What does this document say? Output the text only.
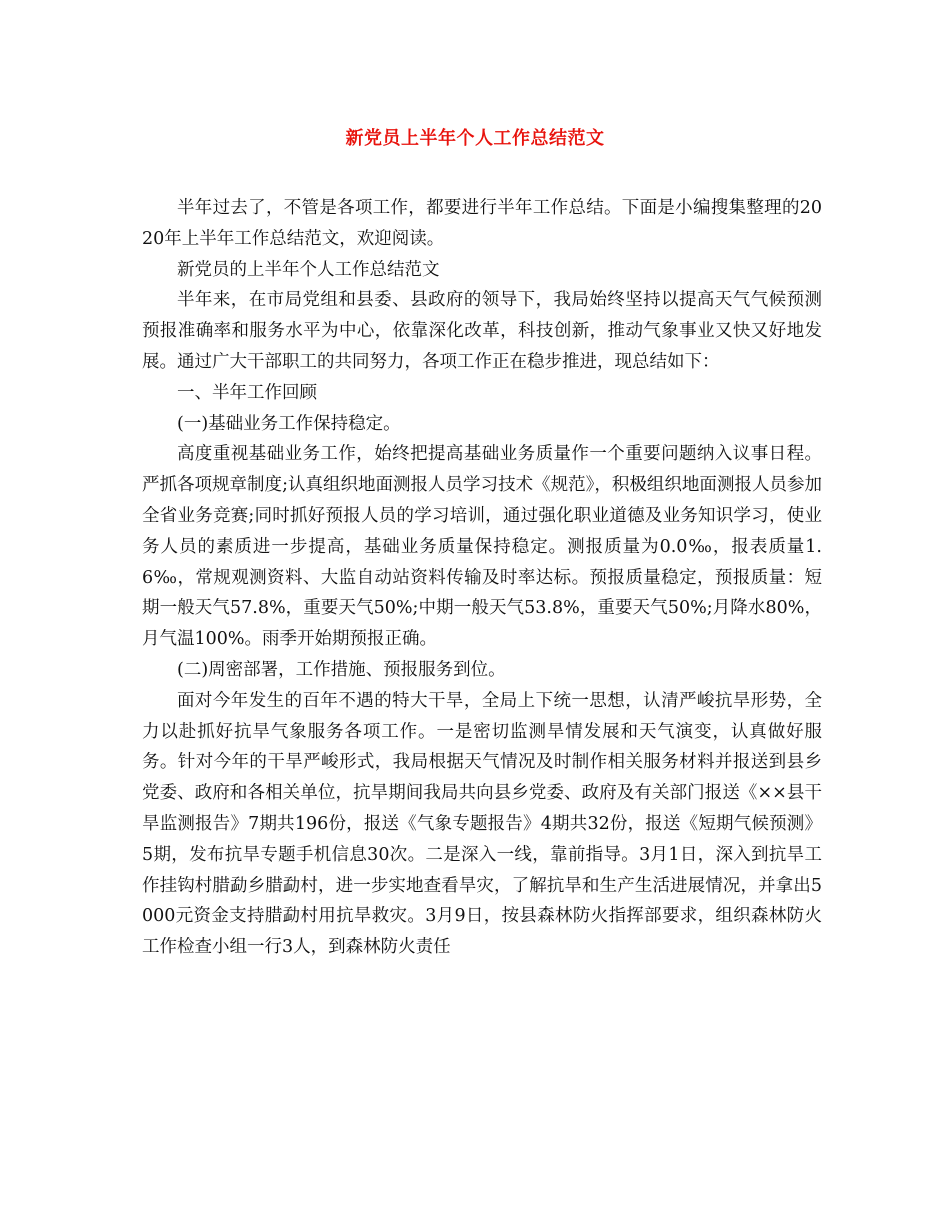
新党员上半年个人工作总结范文

半年过去了，不管是各项工作，都要进行半年工作总结。下面是小编搜集整理的2020年上半年工作总结范文，欢迎阅读。

新党员的上半年个人工作总结范文

半年来，在市局党组和县委、县政府的领导下，我局始终坚持以提高天气气候预测预报准确率和服务水平为中心，依靠深化改革，科技创新，推动气象事业又快又好地发展。通过广大干部职工的共同努力，各项工作正在稳步推进，现总结如下：

一、半年工作回顾

(一)基础业务工作保持稳定。

高度重视基础业务工作，始终把提高基础业务质量作一个重要问题纳入议事日程。严抓各项规章制度;认真组织地面测报人员学习技术《规范》，积极组织地面测报人员参加全省业务竞赛;同时抓好预报人员的学习培训，通过强化职业道德及业务知识学习，使业务人员的素质进一步提高，基础业务质量保持稳定。测报质量为0.0‰，报表质量1.6‰，常规观测资料、大监自动站资料传输及时率达标。预报质量稳定，预报质量：短期一般天气57.8%，重要天气50%;中期一般天气53.8%，重要天气50%;月降水80%，月气温100%。雨季开始期预报正确。

(二)周密部署，工作措施、预报服务到位。

面对今年发生的百年不遇的特大干旱，全局上下统一思想，认清严峻抗旱形势，全力以赴抓好抗旱气象服务各项工作。一是密切监测旱情发展和天气演变，认真做好服务。针对今年的干旱严峻形式，我局根据天气情况及时制作相关服务材料并报送到县乡党委、政府和各相关单位，抗旱期间我局共向县乡党委、政府及有关部门报送《××县干旱监测报告》7期共196份，报送《气象专题报告》4期共32份，报送《短期气候预测》5期，发布抗旱专题手机信息30次。二是深入一线，靠前指导。3月1日，深入到抗旱工作挂钩村腊勐乡腊勐村，进一步实地查看旱灾，了解抗旱和生产生活进展情况，并拿出5000元资金支持腊勐村用抗旱救灾。3月9日，按县森林防火指挥部要求，组织森林防火工作检查小组一行3人，到森林防火责任
